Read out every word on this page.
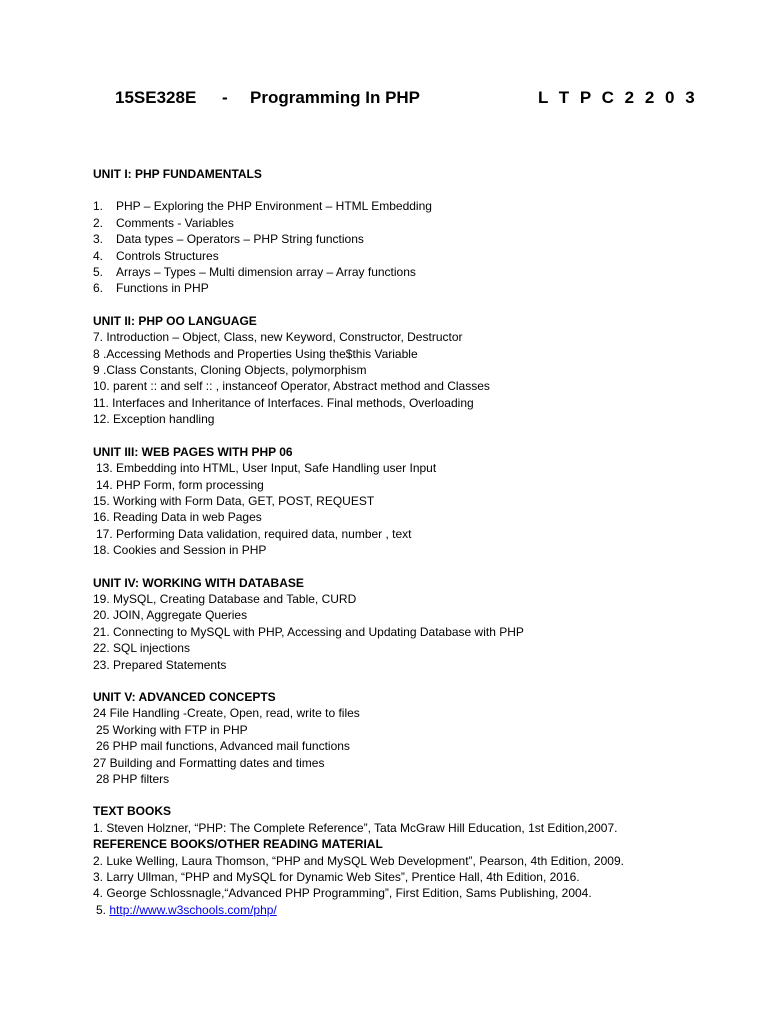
15SE328E - Programming In PHP	L T P C 2 2 0 3
UNIT I: PHP FUNDAMENTALS
1. PHP – Exploring the PHP Environment – HTML Embedding
2. Comments - Variables
3. Data types – Operators – PHP String functions
4. Controls Structures
5. Arrays – Types – Multi dimension array – Array functions
6. Functions in PHP
UNIT II: PHP OO LANGUAGE
7. Introduction – Object, Class, new Keyword, Constructor, Destructor
8 .Accessing Methods and Properties Using the$this Variable
9 .Class Constants, Cloning Objects, polymorphism
10. parent :: and self :: , instanceof Operator, Abstract method and Classes
11. Interfaces and Inheritance of Interfaces. Final methods, Overloading
12. Exception handling
UNIT III: WEB PAGES WITH PHP 06
13. Embedding into HTML, User Input, Safe Handling user Input
14. PHP Form, form processing
15. Working with Form Data, GET, POST, REQUEST
16. Reading Data in web Pages
17. Performing Data validation, required data, number , text
18. Cookies and Session in PHP
UNIT IV: WORKING WITH DATABASE
19. MySQL, Creating Database and Table, CURD
20. JOIN, Aggregate Queries
21. Connecting to MySQL with PHP, Accessing and Updating Database with PHP
22. SQL injections
23. Prepared Statements
UNIT V: ADVANCED CONCEPTS
24 File Handling -Create, Open, read, write to files
25 Working with FTP in PHP
26 PHP mail functions, Advanced mail functions
27 Building and Formatting dates and times
28 PHP filters
TEXT BOOKS
1. Steven Holzner, “PHP: The Complete Reference”, Tata McGraw Hill Education, 1st Edition,2007.
REFERENCE BOOKS/OTHER READING MATERIAL
2. Luke Welling, Laura Thomson, “PHP and MySQL Web Development”, Pearson, 4th Edition, 2009.
3. Larry Ullman, “PHP and MySQL for Dynamic Web Sites”, Prentice Hall, 4th Edition, 2016.
4. George Schlossnagle,“Advanced PHP Programming”, First Edition, Sams Publishing, 2004.
5. http://www.w3schools.com/php/
